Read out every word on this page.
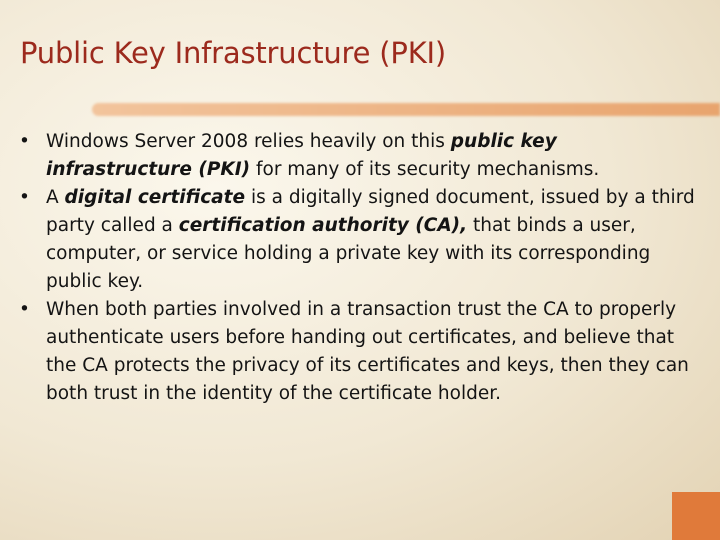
Public Key Infrastructure (PKI)
• Windows Server 2008 relies heavily on this public key infrastructure (PKI) for many of its security mechanisms.
• A digital certificate is a digitally signed document, issued by a third party called a certification authority (CA), that binds a user, computer, or service holding a private key with its corresponding public key.
• When both parties involved in a transaction trust the CA to properly authenticate users before handing out certificates, and believe that the CA protects the privacy of its certificates and keys, then they can both trust in the identity of the certificate holder.
